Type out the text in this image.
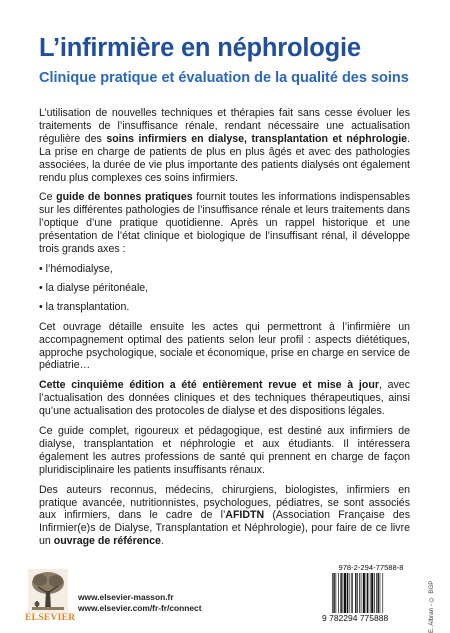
L’infirmière en néphrologie
Clinique pratique et évaluation de la qualité des soins

L’utilisation de nouvelles techniques et thérapies fait sans cesse évoluer les traitements de l’insuffisance rénale, rendant nécessaire une actualisation régulière des soins infirmiers en dialyse, transplantation et néphrologie. La prise en charge de patients de plus en plus âgés et avec des pathologies associées, la durée de vie plus importante des patients dialysés ont également rendu plus complexes ces soins infirmiers.

Ce guide de bonnes pratiques fournit toutes les informations indispensables sur les différentes pathologies de l’insuffisance rénale et leurs traitements dans l’optique d’une pratique quotidienne. Après un rappel historique et une présentation de l’état clinique et biologique de l’insuffisant rénal, il développe trois grands axes :

• l’hémodialyse,
• la dialyse péritonéale,
• la transplantation.

Cet ouvrage détaille ensuite les actes qui permettront à l’infirmière un accompagnement optimal des patients selon leur profil : aspects diététiques, approche psychologique, sociale et économique, prise en charge en service de pédiatrie…

Cette cinquième édition a été entièrement revue et mise à jour, avec l’actualisation des données cliniques et des techniques thérapeutiques, ainsi qu’une actualisation des protocoles de dialyse et des dispositions légales.

Ce guide complet, rigoureux et pédagogique, est destiné aux infirmiers de dialyse, transplantation et néphrologie et aux étudiants. Il intéressera également les autres professions de santé qui prennent en charge de façon pluridisciplinaire les patients insuffisants rénaux.

Des auteurs reconnus, médecins, chirurgiens, biologistes, infirmiers en pratique avancée, nutritionnistes, psychologues, pédiatres, se sont associés aux infirmiers, dans le cadre de l’AFIDTN (Association Française des Infirmier(e)s de Dialyse, Transplantation et Néphrologie), pour faire de ce livre un ouvrage de référence.

ELSEVIER
www.elsevier-masson.fr
www.elsevier.com/fr-fr/connect	E. Albran - © BGP
978-2-294-77588-8
9 782294 775888
